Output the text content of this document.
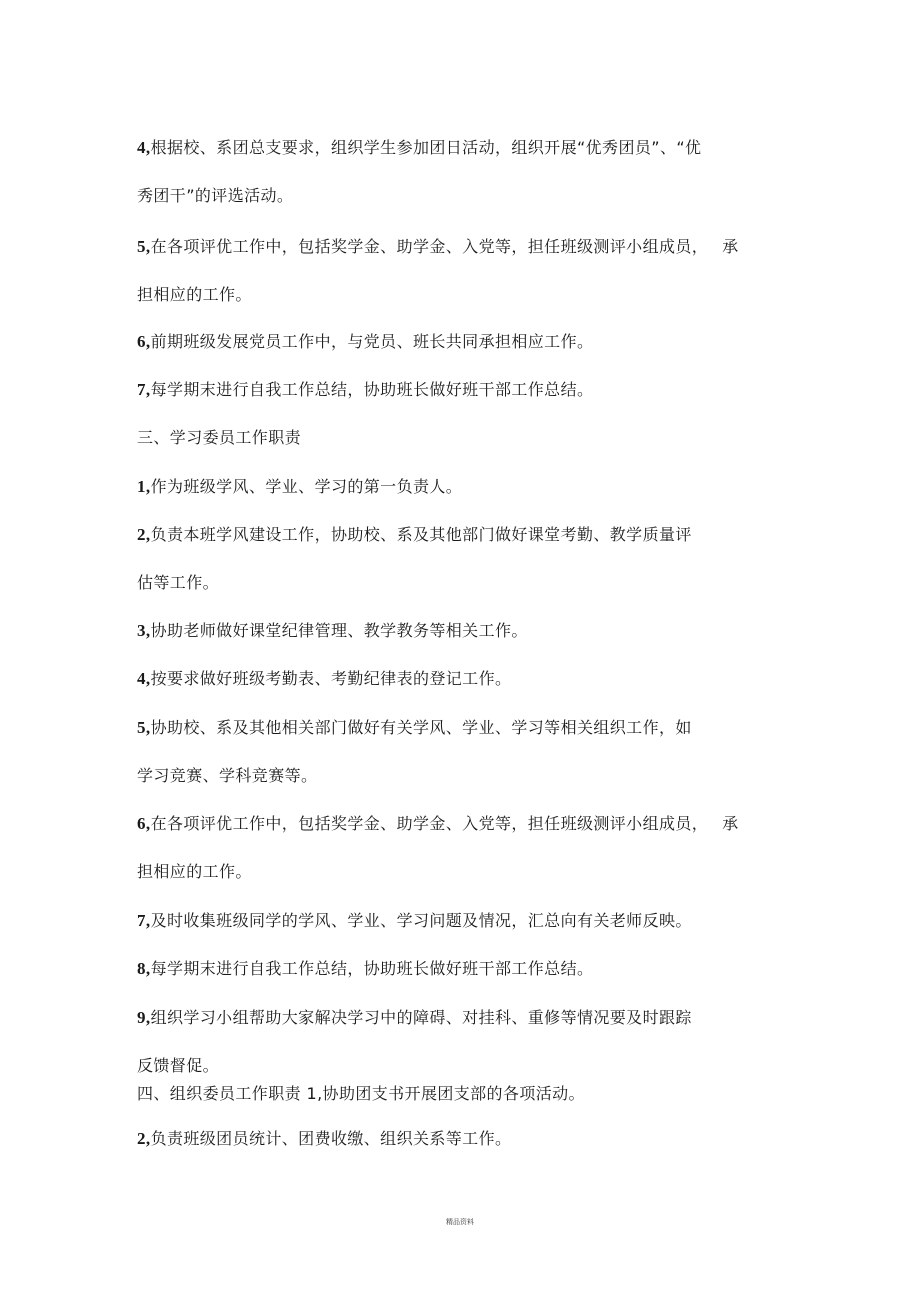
4,根据校、系团总支要求，组织学生参加团日活动，组织开展“优秀团员”、“优

秀团干”的评选活动。

5,在各项评优工作中，包括奖学金、助学金、入党等，担任班级测评小组成员， 承

担相应的工作。

6,前期班级发展党员工作中，与党员、班长共同承担相应工作。

7,每学期末进行自我工作总结，协助班长做好班干部工作总结。

三、学习委员工作职责

1,作为班级学风、学业、学习的第一负责人。

2,负责本班学风建设工作，协助校、系及其他部门做好课堂考勤、教学质量评

估等工作。

3,协助老师做好课堂纪律管理、教学教务等相关工作。

4,按要求做好班级考勤表、考勤纪律表的登记工作。

5,协助校、系及其他相关部门做好有关学风、学业、学习等相关组织工作，如

学习竞赛、学科竞赛等。

6,在各项评优工作中，包括奖学金、助学金、入党等，担任班级测评小组成员， 承

担相应的工作。

7,及时收集班级同学的学风、学业、学习问题及情况，汇总向有关老师反映。

8,每学期末进行自我工作总结，协助班长做好班干部工作总结。

9,组织学习小组帮助大家解决学习中的障碍、对挂科、重修等情况要及时跟踪

反馈督促。

四、组织委员工作职责 1,协助团支书开展团支部的各项活动。

2,负责班级团员统计、团费收缴、组织关系等工作。

精品资料
